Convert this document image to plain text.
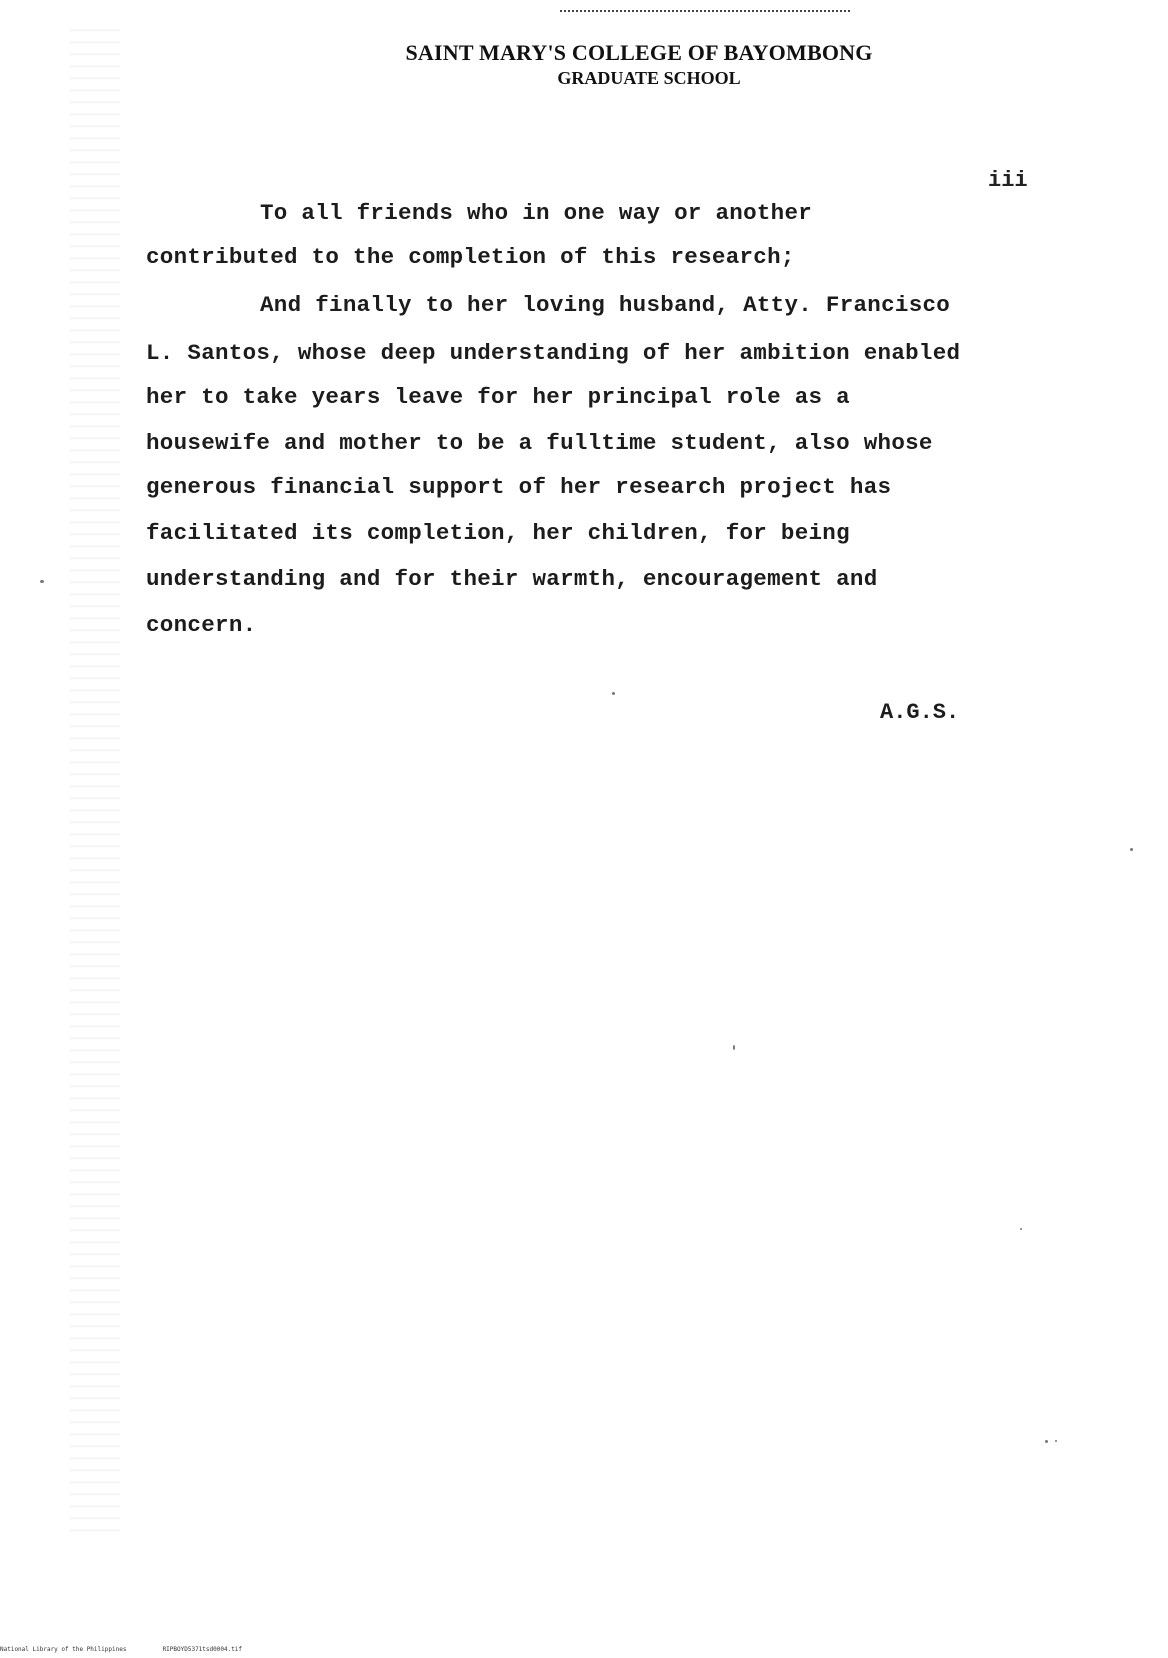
SAINT MARY'S COLLEGE OF BAYOMBONG
GRADUATE SCHOOL
iii
To all friends who in one way or another
contributed to the completion of this research;
And finally to her loving husband, Atty. Francisco
L. Santos, whose deep understanding of her ambition enabled
her to take years leave for her principal role as a
housewife and mother to be a fulltime student, also whose
generous financial support of her research project has
facilitated its completion, her children, for being
understanding and for their warmth, encouragement and
concern.
A.G.S.
National Library of the Philippines	RIPBOYD5371tsd0004.tif
